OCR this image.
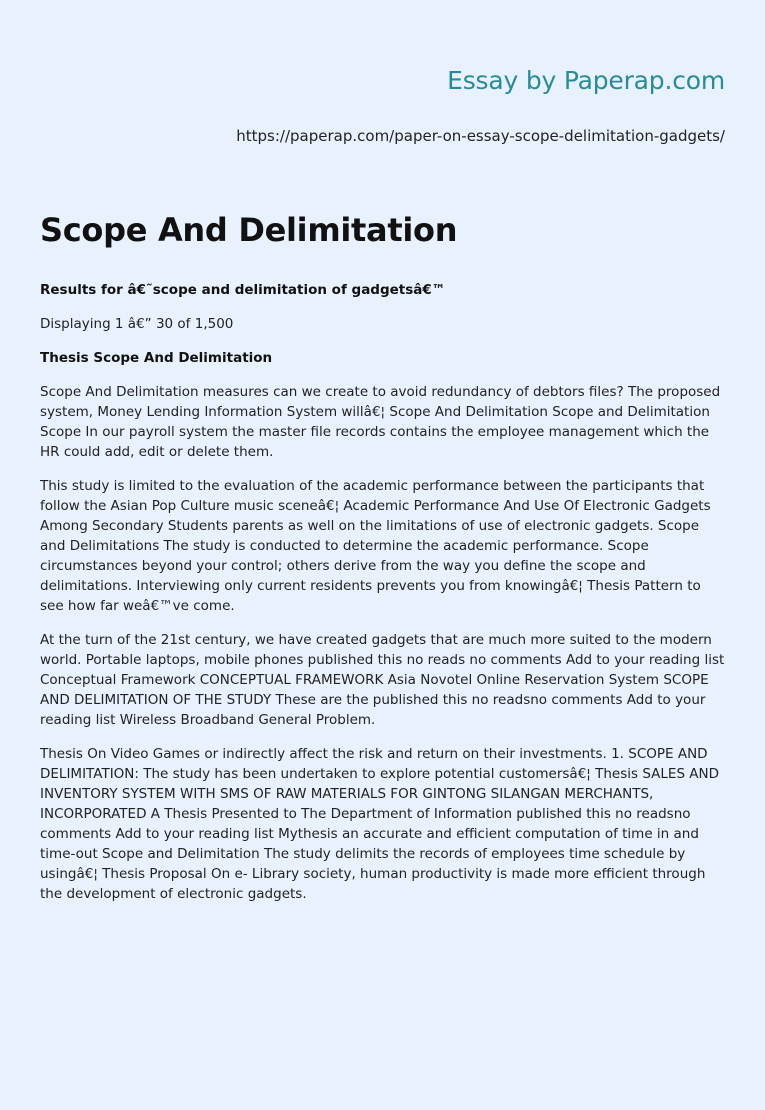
Essay by Paperap.com
https://paperap.com/paper-on-essay-scope-delimitation-gadgets/
Scope And Delimitation

Results for â€˜scope and delimitation of gadgetsâ€™

Displaying 1 â€” 30 of 1,500

Thesis Scope And Delimitation

Scope And Delimitation measures can we create to avoid redundancy of debtors files? The proposed system, Money Lending Information System willâ€¦ Scope And Delimitation Scope and Delimitation Scope In our payroll system the master file records contains the employee management which the HR could add, edit or delete them.

This study is limited to the evaluation of the academic performance between the participants that follow the Asian Pop Culture music sceneâ€¦ Academic Performance And Use Of Electronic Gadgets Among Secondary Students parents as well on the limitations of use of electronic gadgets. Scope and Delimitations The study is conducted to determine the academic performance. Scope circumstances beyond your control; others derive from the way you define the scope and delimitations. Interviewing only current residents prevents you from knowingâ€¦ Thesis Pattern to see how far weâ€™ve come.

At the turn of the 21st century, we have created gadgets that are much more suited to the modern world. Portable laptops, mobile phones published this no reads no comments Add to your reading list Conceptual Framework CONCEPTUAL FRAMEWORK Asia Novotel Online Reservation System SCOPE AND DELIMITATION OF THE STUDY These are the published this no readsno comments Add to your reading list Wireless Broadband General Problem.

Thesis On Video Games or indirectly affect the risk and return on their investments. 1. SCOPE AND DELIMITATION: The study has been undertaken to explore potential customersâ€¦ Thesis SALES AND INVENTORY SYSTEM WITH SMS OF RAW MATERIALS FOR GINTONG SILANGAN MERCHANTS, INCORPORATED A Thesis Presented to The Department of Information published this no readsno comments Add to your reading list Mythesis an accurate and efficient computation of time in and time-out Scope and Delimitation The study delimits the records of employees time schedule by usingâ€¦ Thesis Proposal On e- Library society, human productivity is made more efficient through the development of electronic gadgets.
